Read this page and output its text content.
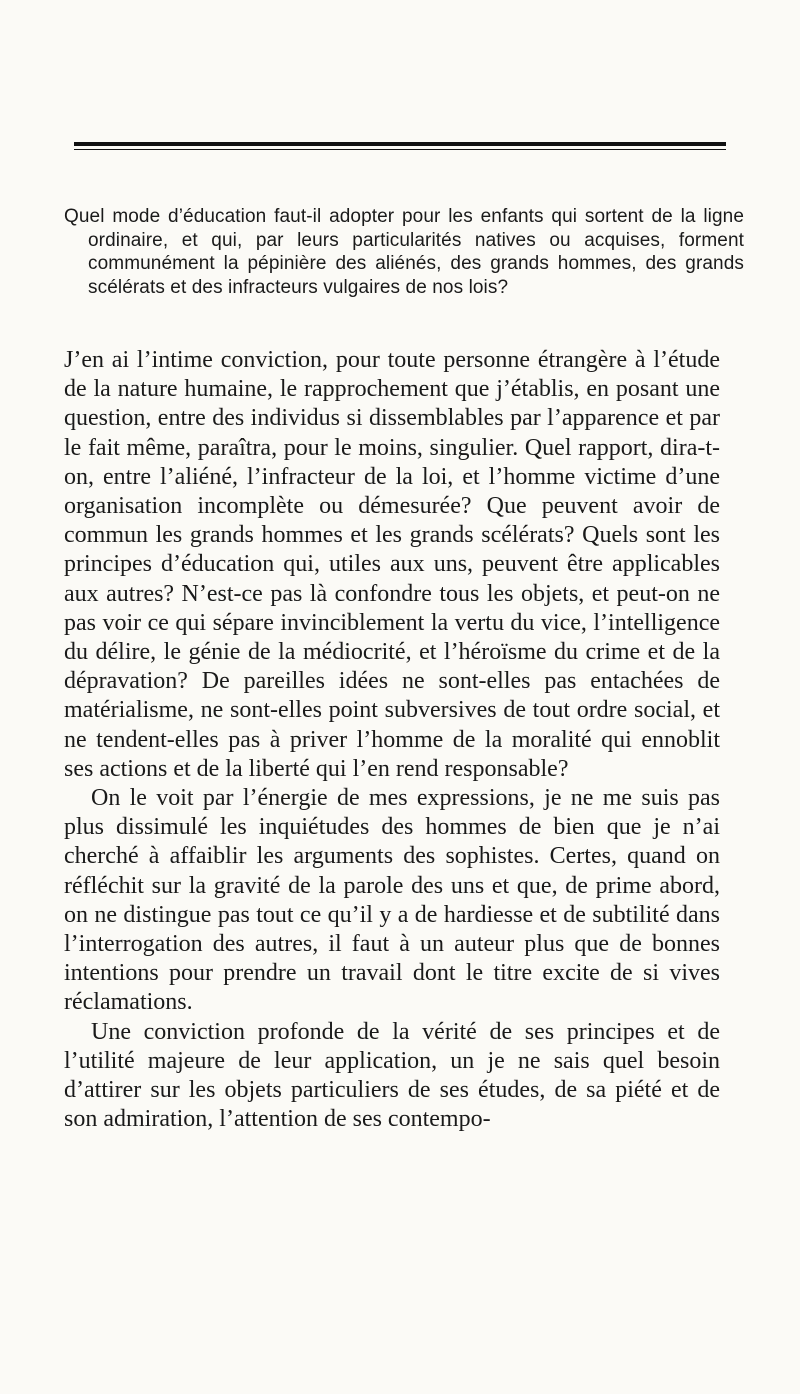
Quel mode d’éducation faut-il adopter pour les enfants qui sortent de la ligne ordinaire, et qui, par leurs particularités natives ou acquises, forment communément la pépinière des aliénés, des grands hommes, des grands scélérats et des infracteurs vulgaires de nos lois?

J’en ai l’intime conviction, pour toute personne étrangère à l’étude de la nature humaine, le rapprochement que j’établis, en posant une question, entre des individus si dissemblables par l’apparence et par le fait même, paraîtra, pour le moins, singulier. Quel rapport, dira-t-on, entre l’aliéné, l’infracteur de la loi, et l’homme victime d’une organisation incomplète ou démesurée? Que peuvent avoir de commun les grands hommes et les grands scélérats? Quels sont les principes d’éducation qui, utiles aux uns, peuvent être applicables aux autres? N’est-ce pas là confondre tous les objets, et peut-on ne pas voir ce qui sépare invinciblement la vertu du vice, l’intelligence du délire, le génie de la médiocrité, et l’héroïsme du crime et de la dépravation? De pareilles idées ne sont-elles pas entachées de matérialisme, ne sont-elles point subversives de tout ordre social, et ne tendent-elles pas à priver l’homme de la moralité qui ennoblit ses actions et de la liberté qui l’en rend responsable?

On le voit par l’énergie de mes expressions, je ne me suis pas plus dissimulé les inquiétudes des hommes de bien que je n’ai cherché à affaiblir les arguments des sophistes. Certes, quand on réfléchit sur la gravité de la parole des uns et que, de prime abord, on ne distingue pas tout ce qu’il y a de hardiesse et de subtilité dans l’interrogation des autres, il faut à un auteur plus que de bonnes intentions pour prendre un travail dont le titre excite de si vives réclamations.

Une conviction profonde de la vérité de ses principes et de l’utilité majeure de leur application, un je ne sais quel besoin d’attirer sur les objets particuliers de ses études, de sa piété et de son admiration, l’attention de ses contempo-
